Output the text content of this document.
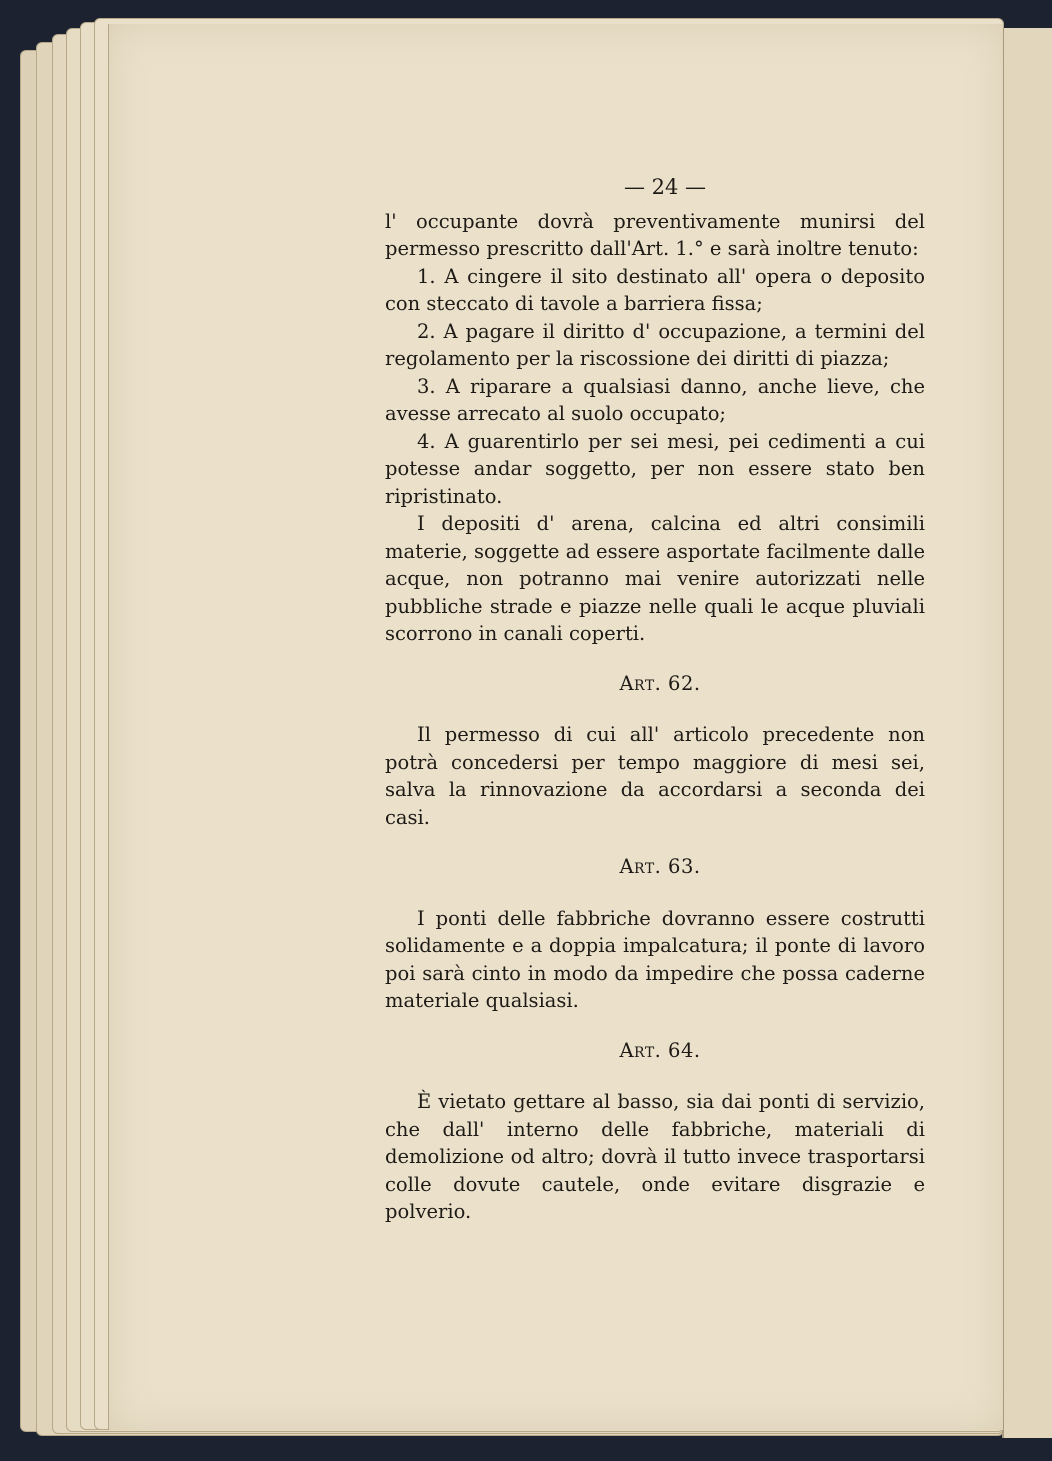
— 24 —

l' occupante dovrà preventivamente munirsi del permesso prescritto dall'Art. 1.° e sarà inoltre tenuto:

1. A cingere il sito destinato all' opera o deposito con steccato di tavole a barriera fissa;

2. A pagare il diritto d' occupazione, a termini del regolamento per la riscossione dei diritti di piazza;

3. A riparare a qualsiasi danno, anche lieve, che avesse arrecato al suolo occupato;

4. A guarentirlo per sei mesi, pei cedimenti a cui potesse andar soggetto, per non essere stato ben ripristinato.

I depositi d' arena, calcina ed altri consimili materie, soggette ad essere asportate facilmente dalle acque, non potranno mai venire autorizzati nelle pubbliche strade e piazze nelle quali le acque pluviali scorrono in canali coperti.

Art. 62.

Il permesso di cui all' articolo precedente non potrà concedersi per tempo maggiore di mesi sei, salva la rinnovazione da accordarsi a seconda dei casi.

Art. 63.

I ponti delle fabbriche dovranno essere costrutti solidamente e a doppia impalcatura; il ponte di lavoro poi sarà cinto in modo da impedire che possa caderne materiale qualsiasi.

Art. 64.

È vietato gettare al basso, sia dai ponti di servizio, che dall' interno delle fabbriche, materiali di demolizione od altro; dovrà il tutto invece trasportarsi colle dovute cautele, onde evitare disgrazie e polverio.
